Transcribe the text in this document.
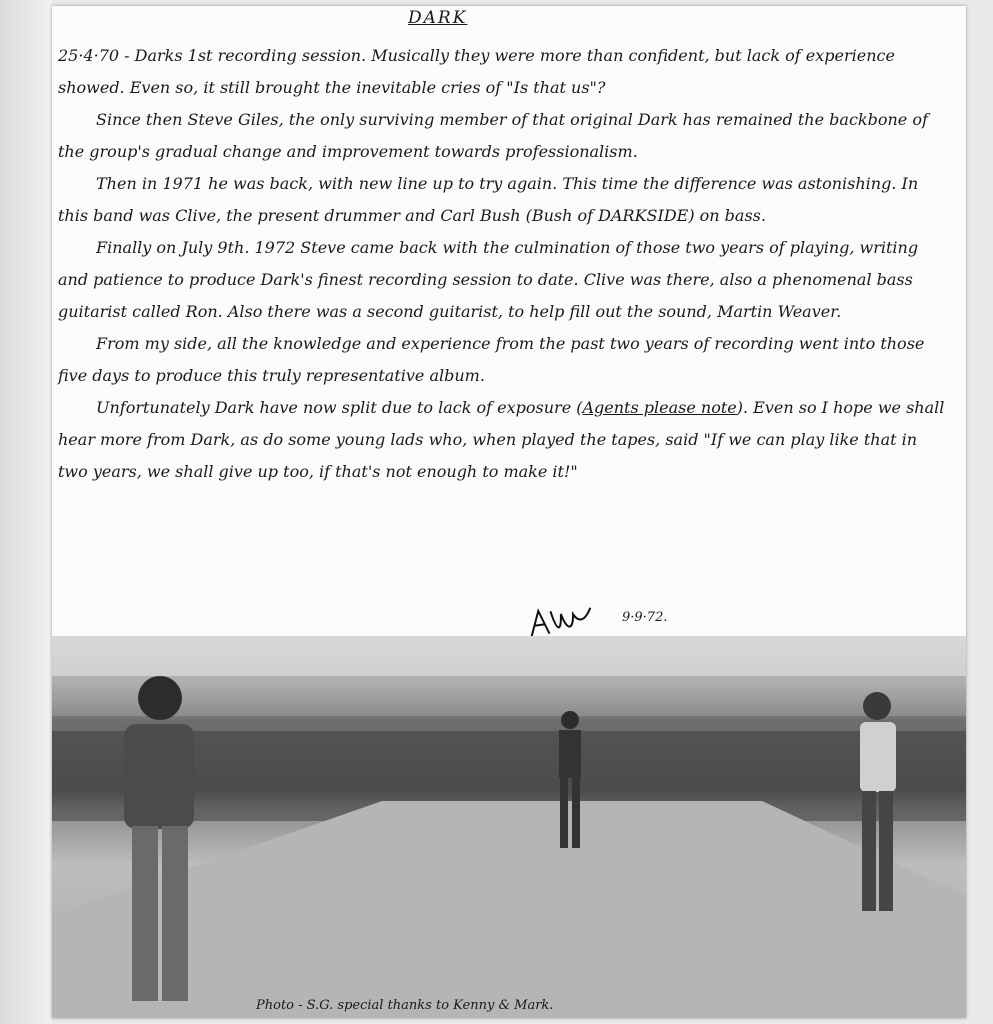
DARK

25·4·70 - Darks 1st recording session. Musically they were more than confident, but lack of experience showed. Even so, it still brought the inevitable cries of "Is that us"?

Since then Steve Giles, the only surviving member of that original Dark has remained the backbone of the group's gradual change and improvement towards professionalism.

Then in 1971 he was back, with new line up to try again. This time the difference was astonishing. In this band was Clive, the present drummer and Carl Bush (Bush of DARKSIDE) on bass.

Finally on July 9th. 1972 Steve came back with the culmination of those two years of playing, writing and patience to produce Dark's finest recording session to date. Clive was there, also a phenomenal bass guitarist called Ron. Also there was a second guitarist, to help fill out the sound, Martin Weaver.

From my side, all the knowledge and experience from the past two years of recording went into those five days to produce this truly representative album.

Unfortunately Dark have now split due to lack of exposure (Agents please note). Even so I hope we shall hear more from Dark, as do some young lads who, when played the tapes, said "If we can play like that in two years, we shall give up too, if that's not enough to make it!"

9·9·72.
Photo - S.G. special thanks to Kenny & Mark.
